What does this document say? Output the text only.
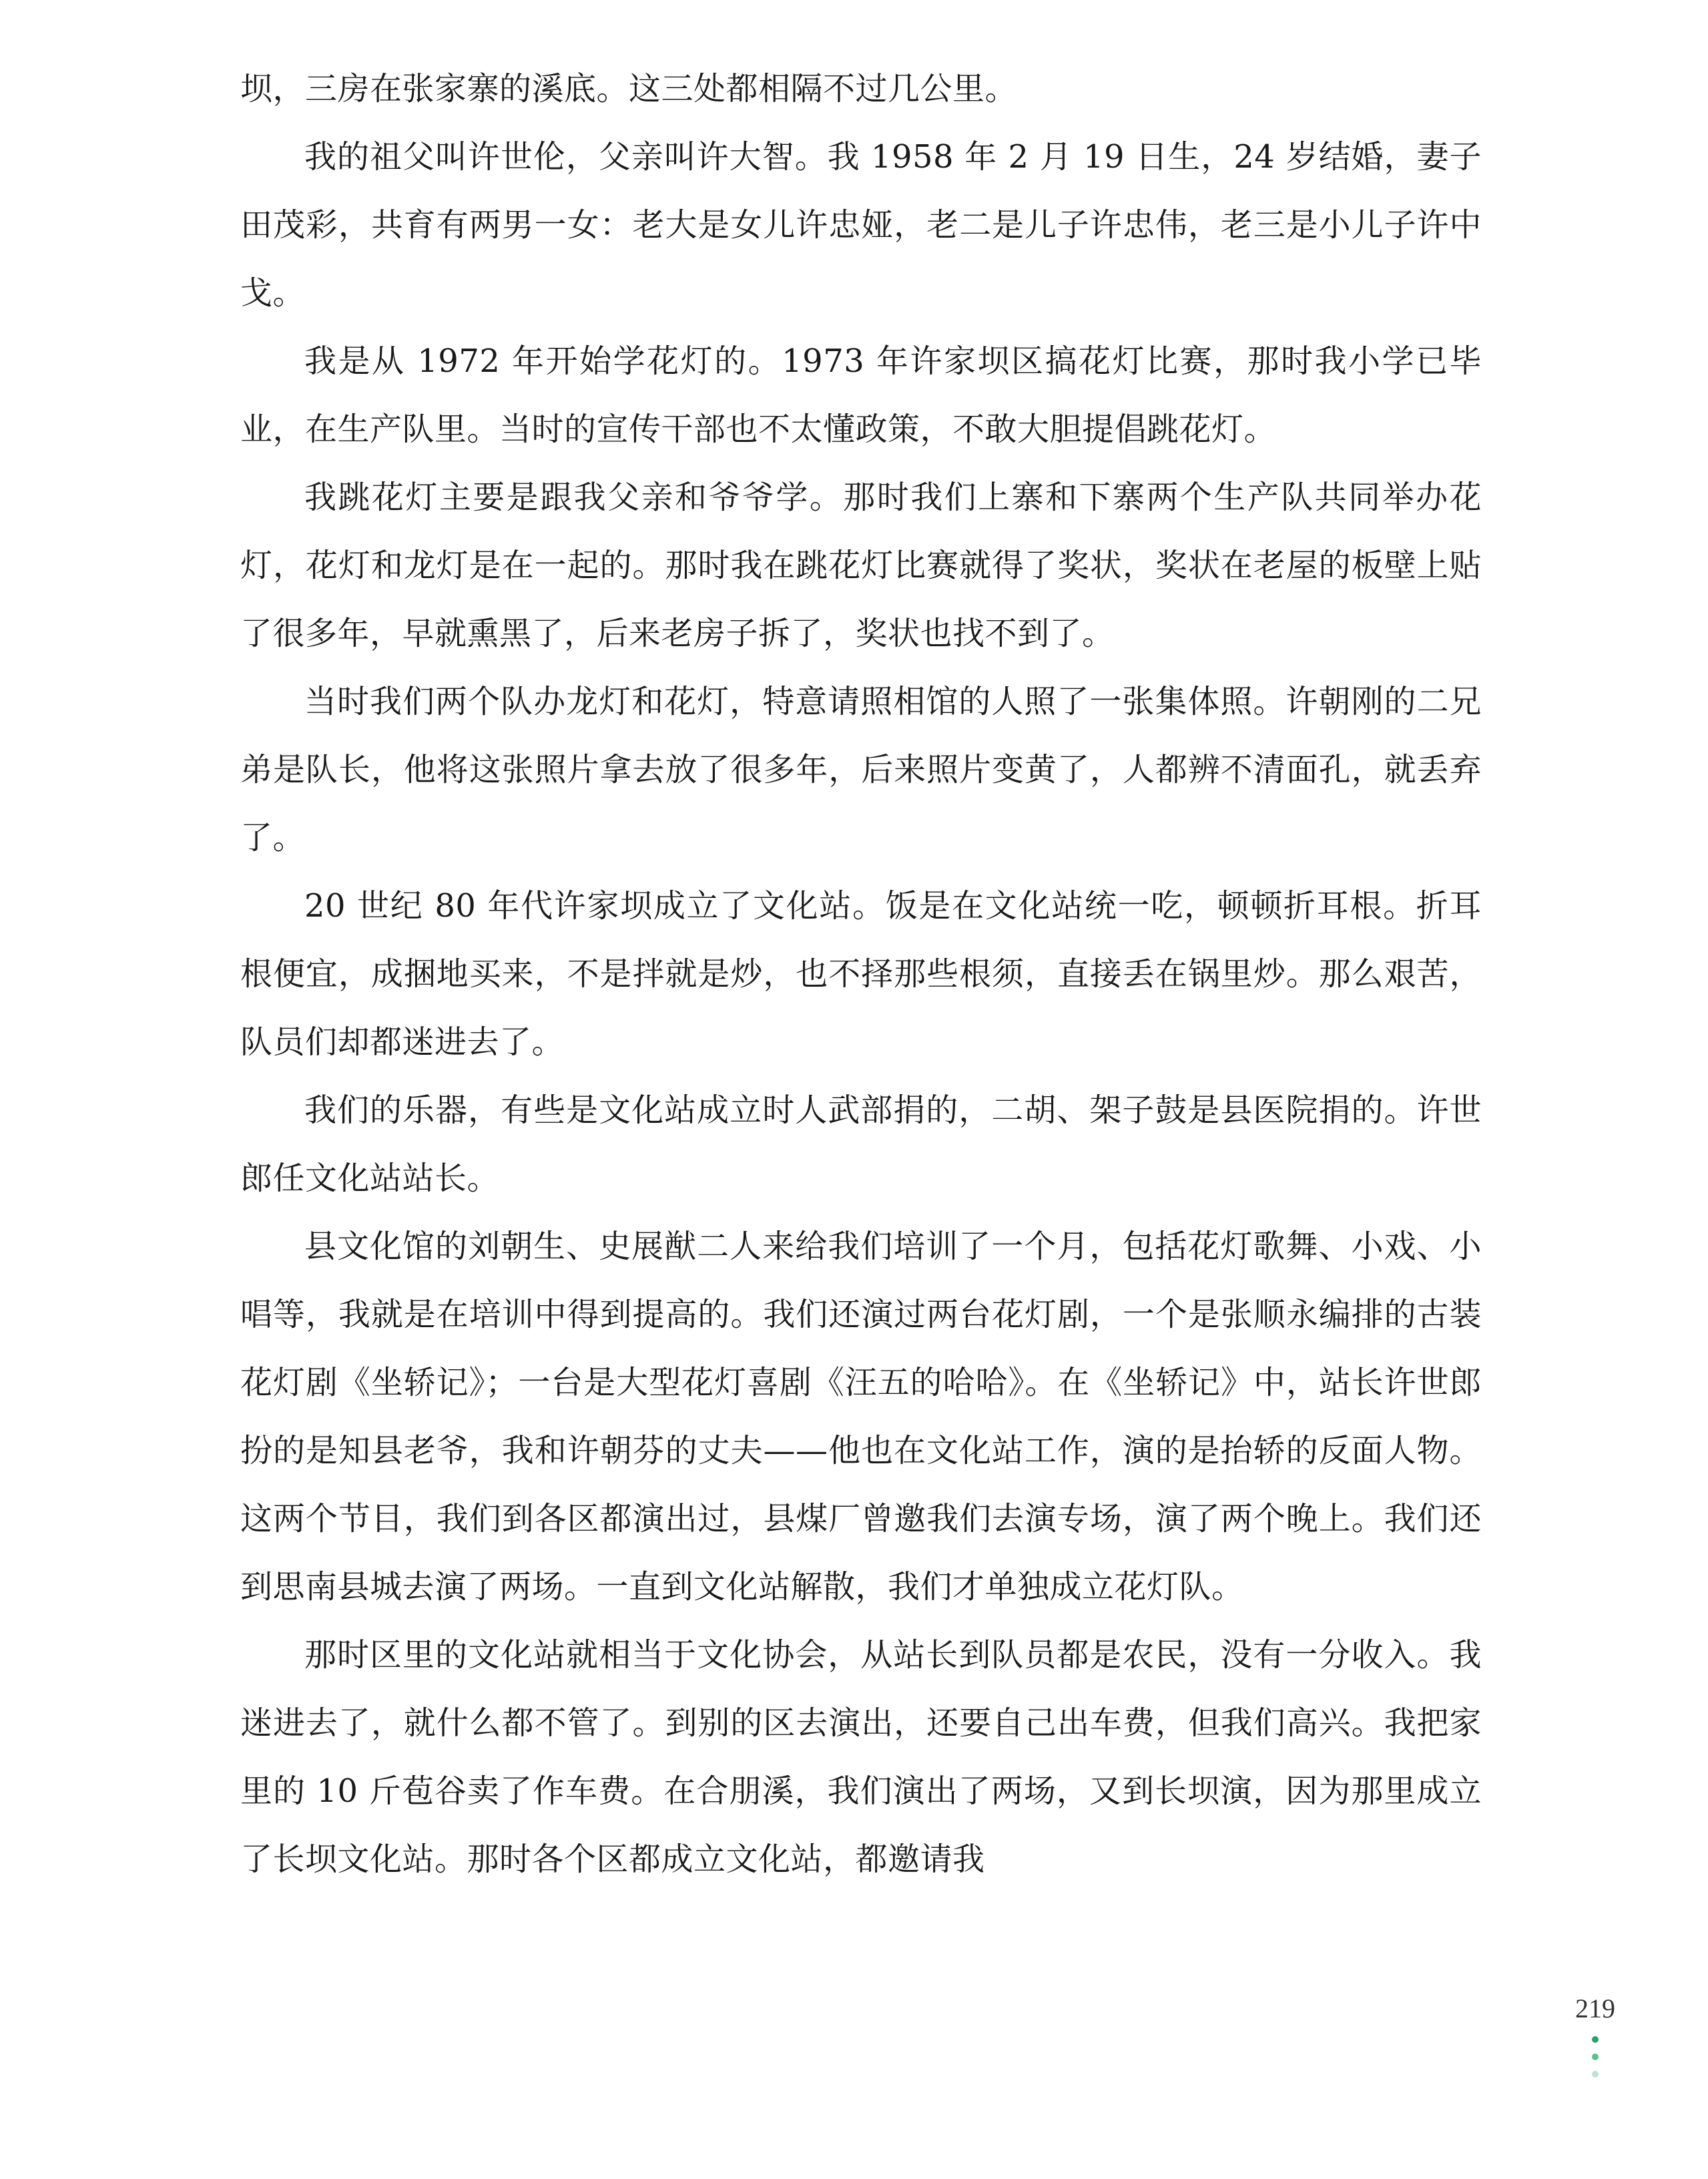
坝，三房在张家寨的溪底。这三处都相隔不过几公里。

我的祖父叫许世伦，父亲叫许大智。我 1958 年 2 月 19 日生，24 岁结婚，妻子田茂彩，共育有两男一女：老大是女儿许忠娅，老二是儿子许忠伟，老三是小儿子许中戈。

我是从 1972 年开始学花灯的。1973 年许家坝区搞花灯比赛，那时我小学已毕业，在生产队里。当时的宣传干部也不太懂政策，不敢大胆提倡跳花灯。

我跳花灯主要是跟我父亲和爷爷学。那时我们上寨和下寨两个生产队共同举办花灯，花灯和龙灯是在一起的。那时我在跳花灯比赛就得了奖状，奖状在老屋的板壁上贴了很多年，早就熏黑了，后来老房子拆了，奖状也找不到了。

当时我们两个队办龙灯和花灯，特意请照相馆的人照了一张集体照。许朝刚的二兄弟是队长，他将这张照片拿去放了很多年，后来照片变黄了，人都辨不清面孔，就丢弃了。

20 世纪 80 年代许家坝成立了文化站。饭是在文化站统一吃，顿顿折耳根。折耳根便宜，成捆地买来，不是拌就是炒，也不择那些根须，直接丢在锅里炒。那么艰苦，队员们却都迷进去了。

我们的乐器，有些是文化站成立时人武部捐的，二胡、架子鼓是县医院捐的。许世郎任文化站站长。

县文化馆的刘朝生、史展猷二人来给我们培训了一个月，包括花灯歌舞、小戏、小唱等，我就是在培训中得到提高的。我们还演过两台花灯剧，一个是张顺永编排的古装花灯剧《坐轿记》；一台是大型花灯喜剧《汪五的哈哈》。在《坐轿记》中，站长许世郎扮的是知县老爷，我和许朝芬的丈夫——他也在文化站工作，演的是抬轿的反面人物。这两个节目，我们到各区都演出过，县煤厂曾邀我们去演专场，演了两个晚上。我们还到思南县城去演了两场。一直到文化站解散，我们才单独成立花灯队。

那时区里的文化站就相当于文化协会，从站长到队员都是农民，没有一分收入。我迷进去了，就什么都不管了。到别的区去演出，还要自己出车费，但我们高兴。我把家里的 10 斤苞谷卖了作车费。在合朋溪，我们演出了两场，又到长坝演，因为那里成立了长坝文化站。那时各个区都成立文化站，都邀请我

219
